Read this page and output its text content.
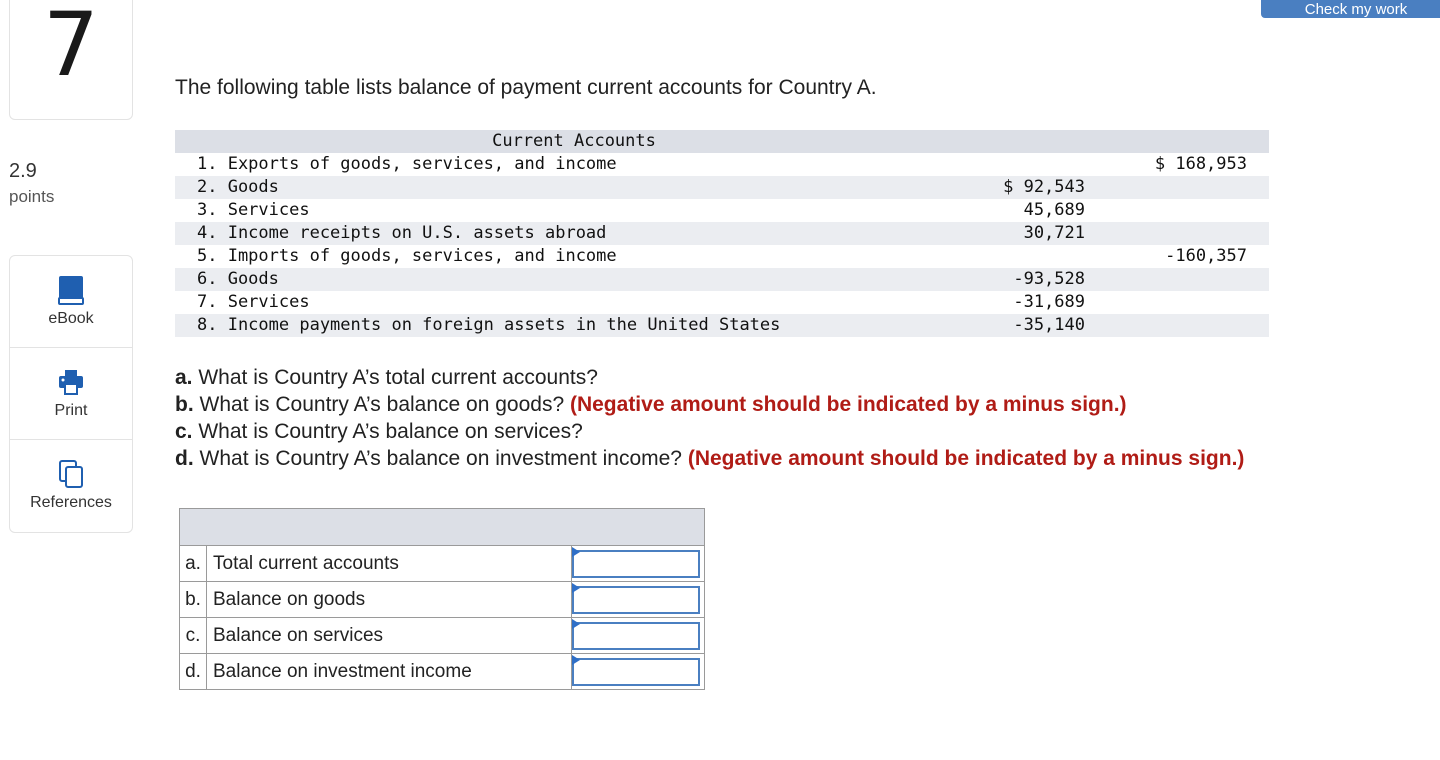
7
2.9
points
eBook
Print
References
Check my work
The following table lists balance of payment current accounts for Country A.
Current Accounts
1. Exports of goods, services, and income	$ 168,953
2. Goods	$ 92,543
3. Services	45,689
4. Income receipts on U.S. assets abroad	30,721
5. Imports of goods, services, and income	-160,357
6. Goods	-93,528
7. Services	-31,689
8. Income payments on foreign assets in the United States	-35,140
a. What is Country A’s total current accounts?
b. What is Country A’s balance on goods? (Negative amount should be indicated by a minus sign.)
c. What is Country A’s balance on services?
d. What is Country A’s balance on investment income? (Negative amount should be indicated by a minus sign.)

a.	Total current accounts	

b.	Balance on goods	

c.	Balance on services	

d.	Balance on investment income	
